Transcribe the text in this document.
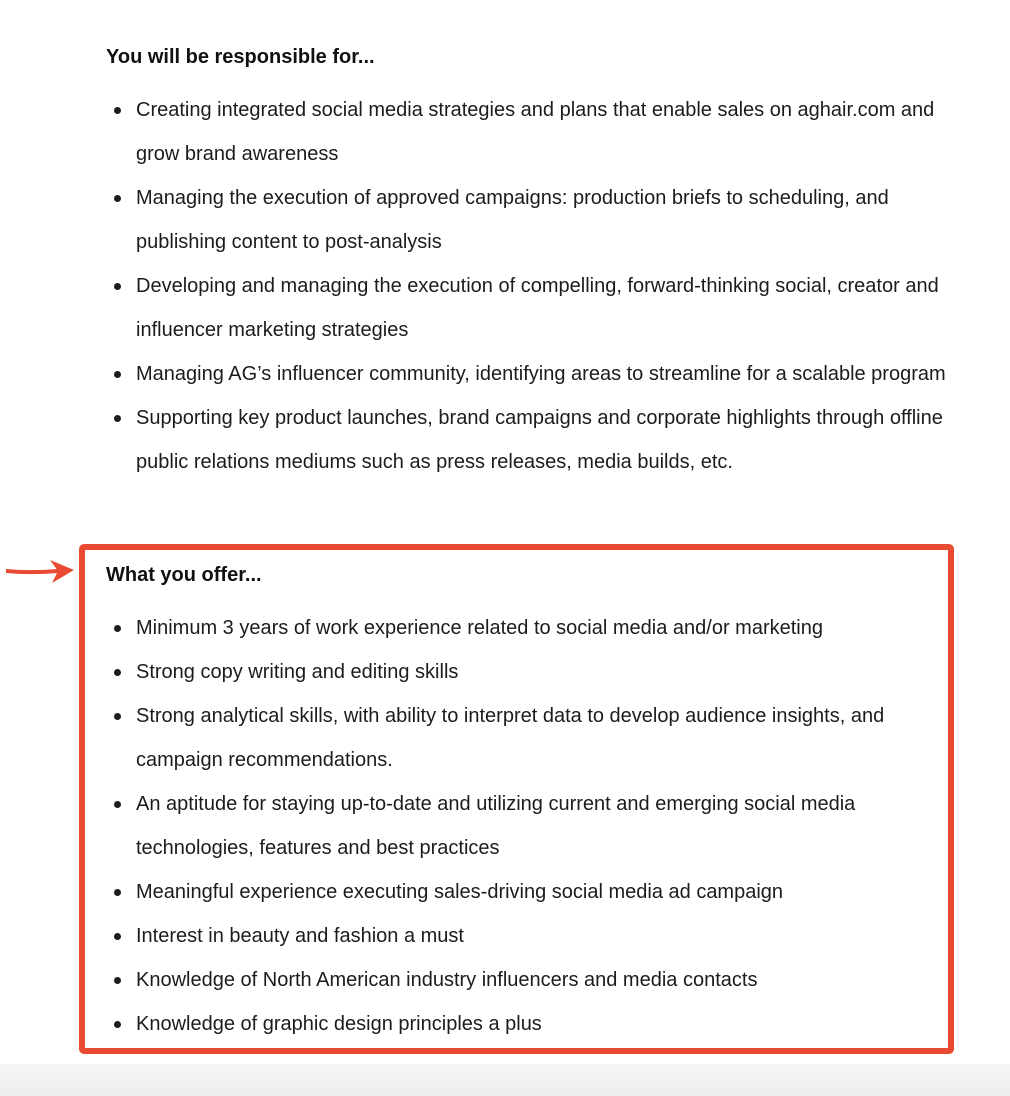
You will be responsible for...
Creating integrated social media strategies and plans that enable sales on aghair.com and grow brand awareness
Managing the execution of approved campaigns: production briefs to scheduling, and publishing content to post-analysis
Developing and managing the execution of compelling, forward-thinking social, creator and influencer marketing strategies
Managing AG’s influencer community, identifying areas to streamline for a scalable program
Supporting key product launches, brand campaigns and corporate highlights through offline public relations mediums such as press releases, media builds, etc.
What you offer...
Minimum 3 years of work experience related to social media and/or marketing
Strong copy writing and editing skills
Strong analytical skills, with ability to interpret data to develop audience insights, and campaign recommendations.
An aptitude for staying up-to-date and utilizing current and emerging social media technologies, features and best practices
Meaningful experience executing sales-driving social media ad campaign
Interest in beauty and fashion a must
Knowledge of North American industry influencers and media contacts
Knowledge of graphic design principles a plus
